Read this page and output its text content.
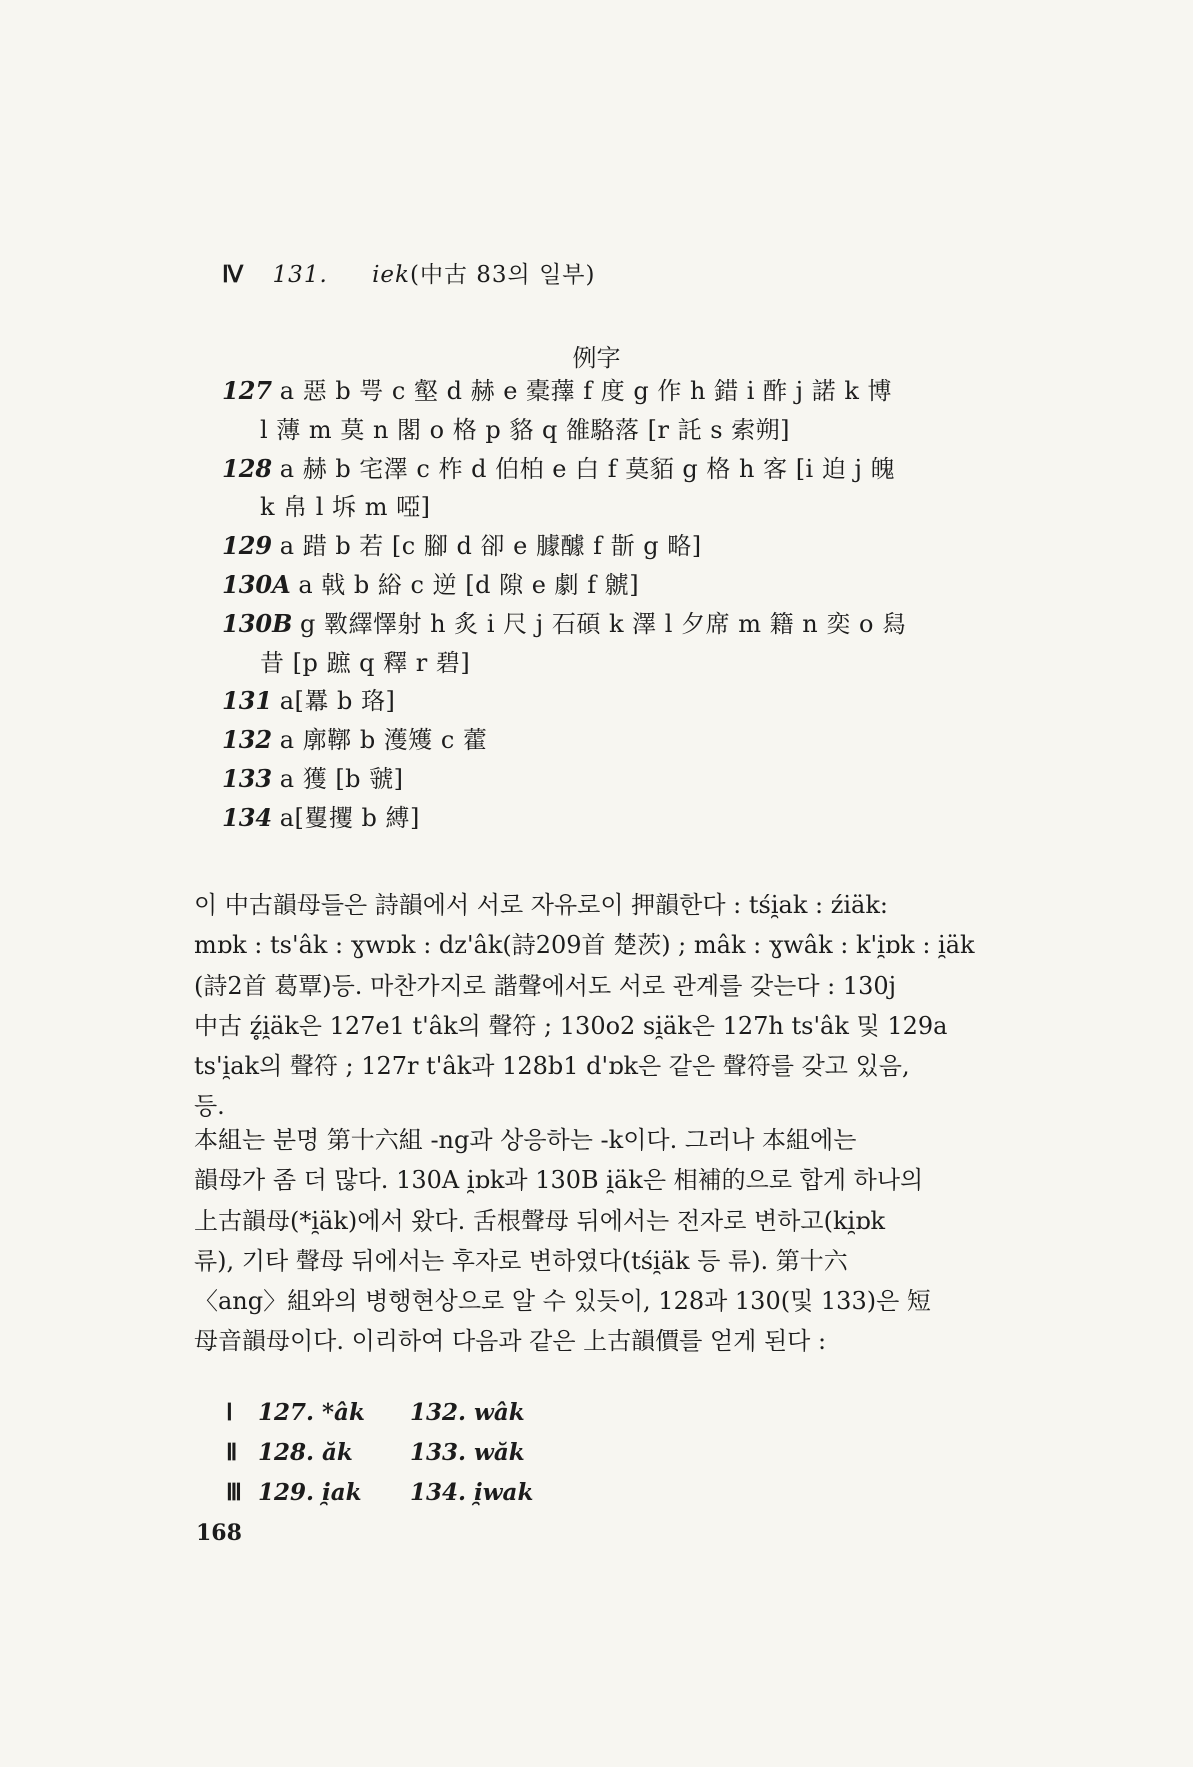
Ⅳ 131. iek(中古 83의 일부)
例字
127 a 惡 b 咢 c 壑 d 赫 e 橐蘀 f 度 g 作 h 錯 i 酢 j 諾 k 博
l 薄 m 莫 n 閣 o 格 p 貉 q 雒駱落 [r 託 s 索朔]
128 a 赫 b 宅澤 c 柞 d 伯柏 e 白 f 莫貊 g 格 h 客 [i 迫 j 魄
k 帛 l 坼 m 啞]
129 a 踖 b 若 [c 腳 d 卻 e 臄醵 f 斮 g 略]
130A a 戟 b 綌 c 逆 [d 隙 e 劇 f 虩]
130B g 斁繹懌射 h 炙 i 尺 j 石碩 k 澤 l 夕席 m 籍 n 奕 o 舄
昔 [p 蹠 q 釋 r 碧]
131 a[羃 b 珞]
132 a 廓鞹 b 濩矱 c 藿
133 a 獲 [b 虢]
134 a[矍攫 b 縛]
이 中古韻母들은 詩韻에서 서로 자유로이 押韻한다 : tśi̯ak : źiäk:
mɒk : ts'âk : ɣwɒk : dz'âk(詩209首 楚茨) ; mâk : ɣwâk : k'i̯ɒk : i̯äk
(詩2首 葛覃)등. 마찬가지로 諧聲에서도 서로 관계를 갖는다 : 130j
中古 ź̥i̯äk은 127e1 t'âk의 聲符 ; 130o2 si̯äk은 127h ts'âk 및 129a
ts'i̯ak의 聲符 ; 127r t'âk과 128b1 d'ɒk은 같은 聲符를 갖고 있음,
등.
本組는 분명 第十六組 -ng과 상응하는 -k이다. 그러나 本組에는
韻母가 좀 더 많다. 130A i̯ɒk과 130B i̯äk은 相補的으로 합게 하나의
上古韻母(*i̯äk)에서 왔다. 舌根聲母 뒤에서는 전자로 변하고(ki̯ɒk
류), 기타 聲母 뒤에서는 후자로 변하였다(tśi̯äk 등 류). 第十六
〈ang〉組와의 병행현상으로 알 수 있듯이, 128과 130(및 133)은 短
母音韻母이다. 이리하여 다음과 같은 上古韻價를 얻게 된다 :
Ⅰ 127. *âk 132. wâk
Ⅱ 128. ăk 133. wăk
Ⅲ 129. i̯ak 134. i̯wak
168
